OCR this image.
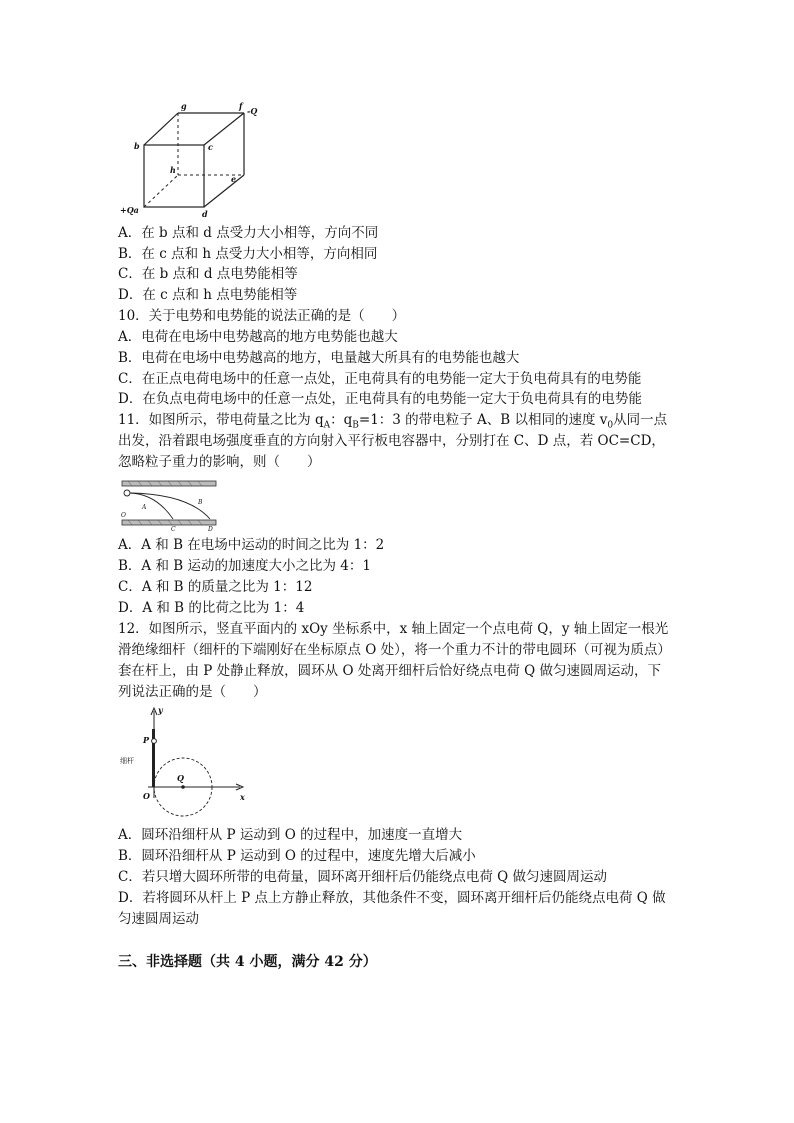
g	f -Q
b	c
h
e
+Qa	d
A．在 b 点和 d 点受力大小相等，方向不同
B．在 c 点和 h 点受力大小相等，方向相同
C．在 b 点和 d 点电势能相等
D．在 c 点和 h 点电势能相等
10．关于电势和电势能的说法正确的是（　　）
A．电荷在电场中电势越高的地方电势能也越大
B．电荷在电场中电势越高的地方，电量越大所具有的电势能也越大
C．在正点电荷电场中的任意一点处，正电荷具有的电势能一定大于负电荷具有的电势能
D．在负点电荷电场中的任意一点处，正电荷具有的电势能一定大于负电荷具有的电势能
11．如图所示，带电荷量之比为 $q_A$：$q_B=1$：3 的带电粒子 A、B 以相同的速度 $v_0$从同一点
出发，沿着跟电场强度垂直的方向射入平行板电容器中，分别打在 C、D 点，若 OC=CD，
忽略粒子重力的影响，则（　　）
O
A
B
C	D
A．A 和 B 在电场中运动的时间之比为 1：2
B．A 和 B 运动的加速度大小之比为 4：1
C．A 和 B 的质量之比为 1：12
D．A 和 B 的比荷之比为 1：4
12．如图所示，竖直平面内的 xOy 坐标系中，x 轴上固定一个点电荷 Q，y 轴上固定一根光
滑绝缘细杆（细杆的下端刚好在坐标原点 O 处），将一个重力不计的带电圆环（可视为质点）
套在杆上，由 P 处静止释放，圆环从 O 处离开细杆后恰好绕点电荷 Q 做匀速圆周运动，下
列说法正确的是（　　）
y
P
Q
O	x
细杆
A．圆环沿细杆从 P 运动到 O 的过程中，加速度一直增大
B．圆环沿细杆从 P 运动到 O 的过程中，速度先增大后减小
C．若只增大圆环所带的电荷量，圆环离开细杆后仍能绕点电荷 Q 做匀速圆周运动
D．若将圆环从杆上 P 点上方静止释放，其他条件不变，圆环离开细杆后仍能绕点电荷 Q 做
匀速圆周运动
三、非选择题（共 4 小题，满分 42 分）
